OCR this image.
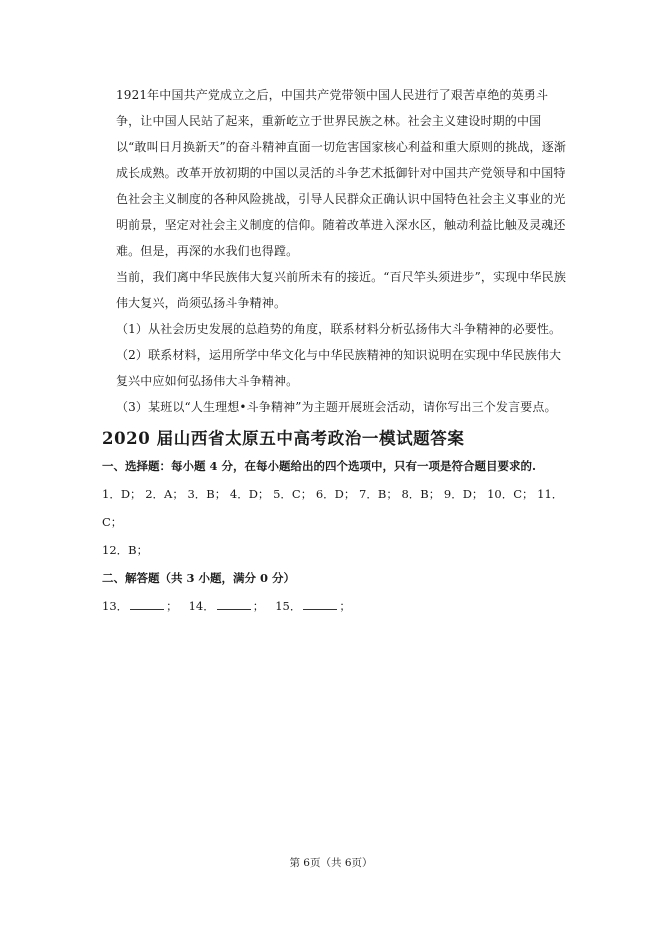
1921年中国共产党成立之后，中国共产党带领中国人民进行了艰苦卓绝的英勇斗争，让中国人民站了起来，重新屹立于世界民族之林。社会主义建设时期的中国以“敢叫日月换新天”的奋斗精神直面一切危害国家核心利益和重大原则的挑战，逐渐成长成熟。改革开放初期的中国以灵活的斗争艺术抵御针对中国共产党领导和中国特色社会主义制度的各种风险挑战，引导人民群众正确认识中国特色社会主义事业的光明前景，坚定对社会主义制度的信仰。随着改革进入深水区，触动利益比触及灵魂还难。但是，再深的水我们也得蹚。

当前，我们离中华民族伟大复兴前所未有的接近。“百尺竿头须进步”，实现中华民族伟大复兴，尚须弘扬斗争精神。

（1）从社会历史发展的总趋势的角度，联系材料分析弘扬伟大斗争精神的必要性。

（2）联系材料，运用所学中华文化与中华民族精神的知识说明在实现中华民族伟大复兴中应如何弘扬伟大斗争精神。

（3）某班以“人生理想•斗争精神”为主题开展班会活动，请你写出三个发言要点。

2020 届山西省太原五中高考政治一模试题答案
一、选择题：每小题 4 分，在每小题给出的四个选项中，只有一项是符合题目要求的.
1．D； 2．A； 3．B； 4．D； 5．C； 6．D； 7．B； 8．B； 9．D； 10．C； 11．C；
12．B；
二、解答题（共 3 小题，满分 0 分）
13．	； 14．	； 15．	；
第 6页（共 6页）
